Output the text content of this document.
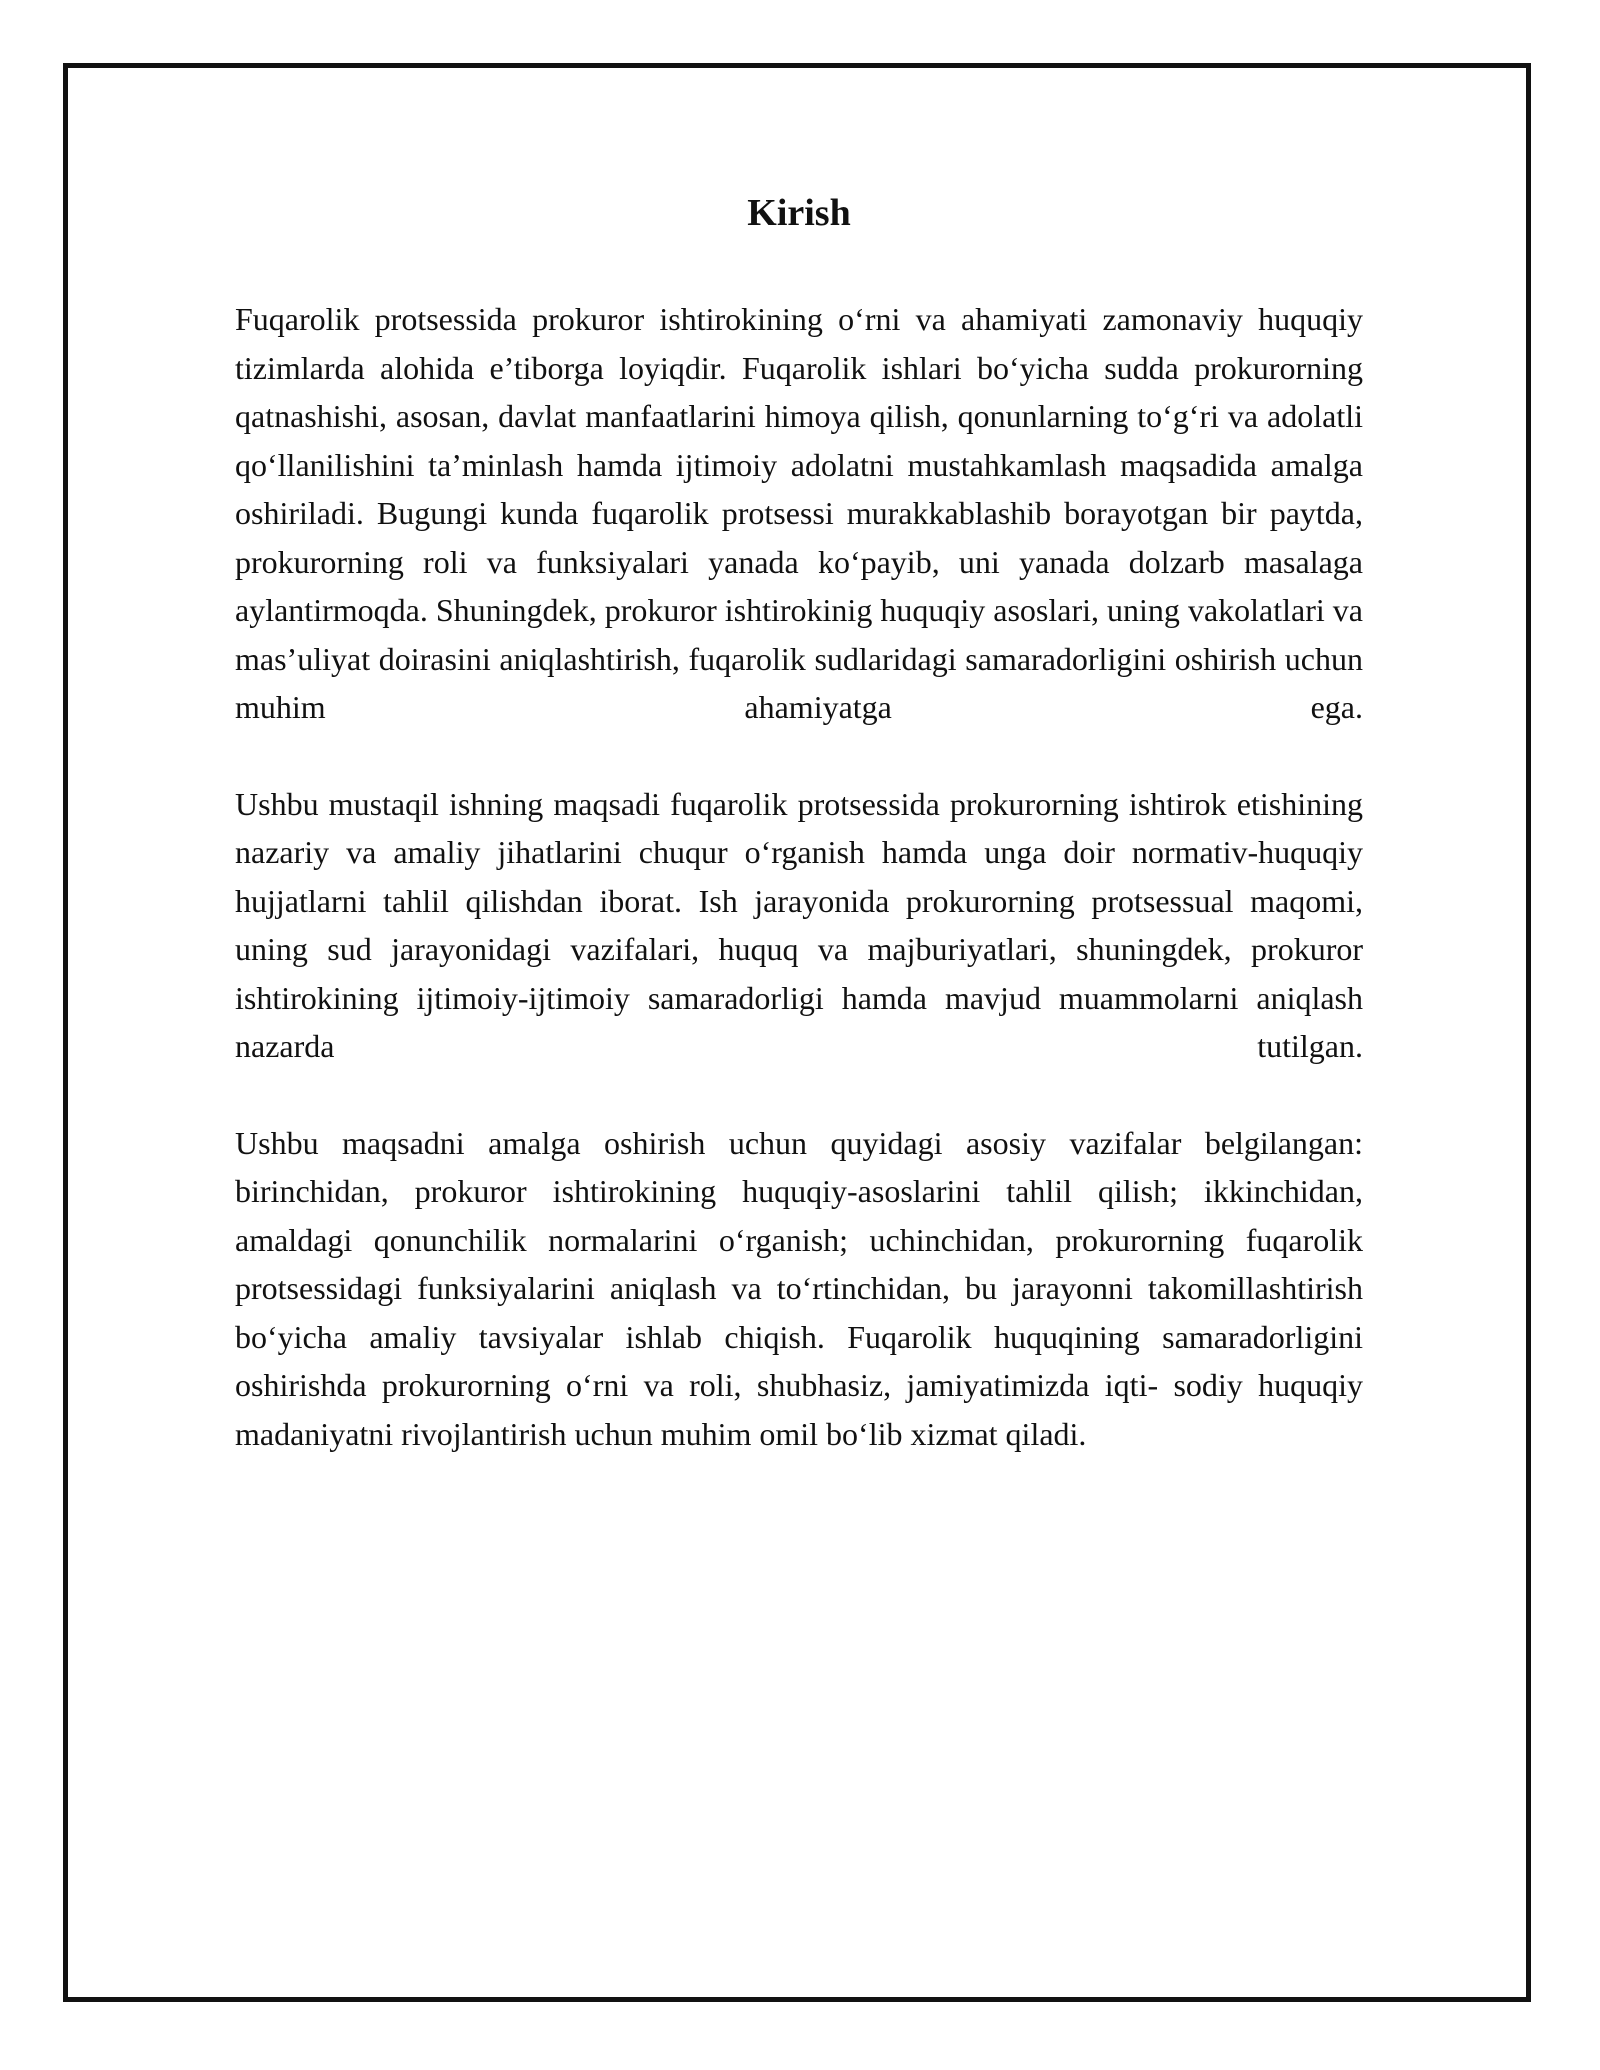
Kirish

Fuqarolik protsessida prokuror ishtirokining o‘rni va ahamiyati zamonaviy huquqiy tizimlarda alohida e’tiborga loyiqdir. Fuqarolik ishlari bo‘yicha sudda prokurorning qatnashishi, asosan, davlat manfaatlarini himoya qilish, qonunlarning to‘g‘ri va adolatli qo‘llanilishini ta’minlash hamda ijtimoiy adolatni mustahkamlash maqsadida amalga oshiriladi. Bugungi kunda fuqarolik protsessi murakkablashib borayotgan bir paytda, prokurorning roli va funksiyalari yanada ko‘payib, uni yanada dolzarb masalaga aylantirmoqda. Shuningdek, prokuror ishtirokinig huquqiy asoslari, uning vakolatlari va mas’uliyat doirasini aniqlashtirish, fuqarolik sudlaridagi samaradorligini oshirish uchun muhim ahamiyatga ega.

Ushbu mustaqil ishning maqsadi fuqarolik protsessida prokurorning ishtirok etishining nazariy va amaliy jihatlarini chuqur o‘rganish hamda unga doir normativ-huquqiy hujjatlarni tahlil qilishdan iborat. Ish jarayonida prokurorning protsessual maqomi, uning sud jarayonidagi vazifalari, huquq va majburiyatlari, shuningdek, prokuror ishtirokining ijtimoiy-ijtimoiy samaradorligi hamda mavjud muammolarni aniqlash nazarda tutilgan.

Ushbu maqsadni amalga oshirish uchun quyidagi asosiy vazifalar belgilangan: birinchidan, prokuror ishtirokining huquqiy-asoslarini tahlil qilish; ikkinchidan, amaldagi qonunchilik normalarini o‘rganish; uchinchidan, prokurorning fuqarolik protsessidagi funksiyalarini aniqlash va to‘rtinchidan, bu jarayonni takomillashtirish bo‘yicha amaliy tavsiyalar ishlab chiqish. Fuqarolik huquqining samaradorligini oshirishda prokurorning o‘rni va roli, shubhasiz, jamiyatimizda iqti- sodiy huquqiy madaniyatni rivojlantirish uchun muhim omil bo‘lib xizmat qiladi.
